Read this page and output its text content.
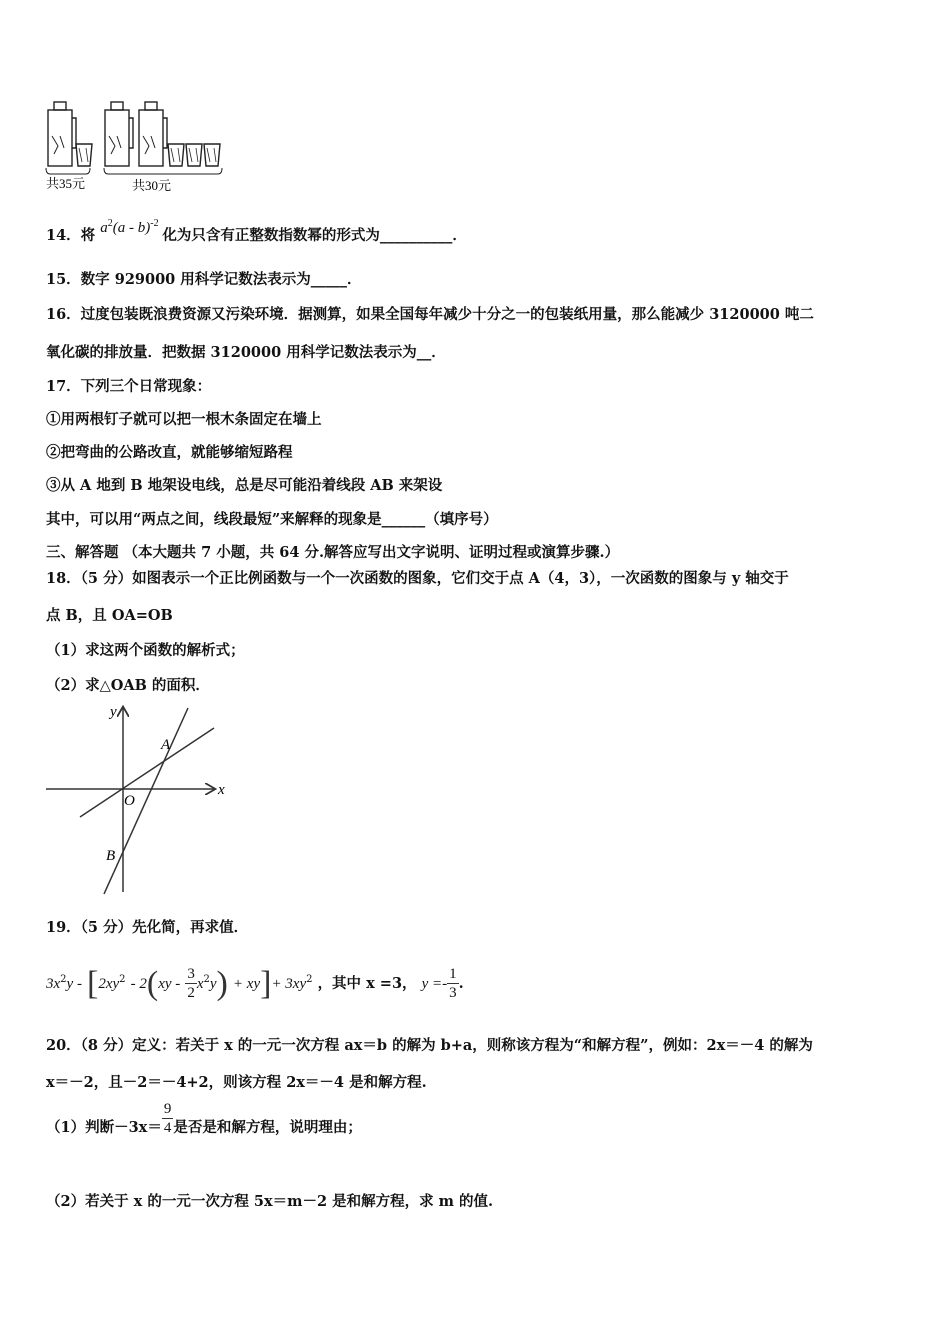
共35元	共30元
14．将 $a^2(a - b)^{-2}$ 化为只含有正整数指数幂的形式为__________．
15．数字 929000 用科学记数法表示为_____．
16．过度包装既浪费资源又污染环境．据测算，如果全国每年减少十分之一的包装纸用量，那么能减少 3120000 吨二
氧化碳的排放量．把数据 3120000 用科学记数法表示为__．
17．下列三个日常现象：
①用两根钉子就可以把一根木条固定在墙上
②把弯曲的公路改直，就能够缩短路程
③从 A 地到 B 地架设电线，总是尽可能沿着线段 AB 来架设
其中，可以用“两点之间，线段最短”来解释的现象是______（填序号）
三、解答题 （本大题共 7 小题，共 64 分.解答应写出文字说明、证明过程或演算步骤.）
18．（5 分）如图表示一个正比例函数与一个一次函数的图象，它们交于点 A（4，3），一次函数的图象与 y 轴交于
点 B，且 OA=OB
（1）求这两个函数的解析式；
（2）求△OAB 的面积．
y
x
O
A
B
19．（5 分）先化简，再求值．
$3x^2y - [2xy^2 - 2(xy - \frac{3}{2} x^2y) + xy]+ 3xy^2$ ，其中 x =3， $y =- \frac{1}{3}$ .
20．（8 分）定义：若关于 x 的一元一次方程 ax＝b 的解为 b+a，则称该方程为“和解方程”，例如：2x＝－4 的解为
x＝－2，且－2＝－4+2，则该方程 2x＝－4 是和解方程.
（1）判断$-3x= \frac{9}{4}$ 是否是和解方程，说明理由；
（2）若关于 x 的一元一次方程 5x＝m－2 是和解方程，求 m 的值.
